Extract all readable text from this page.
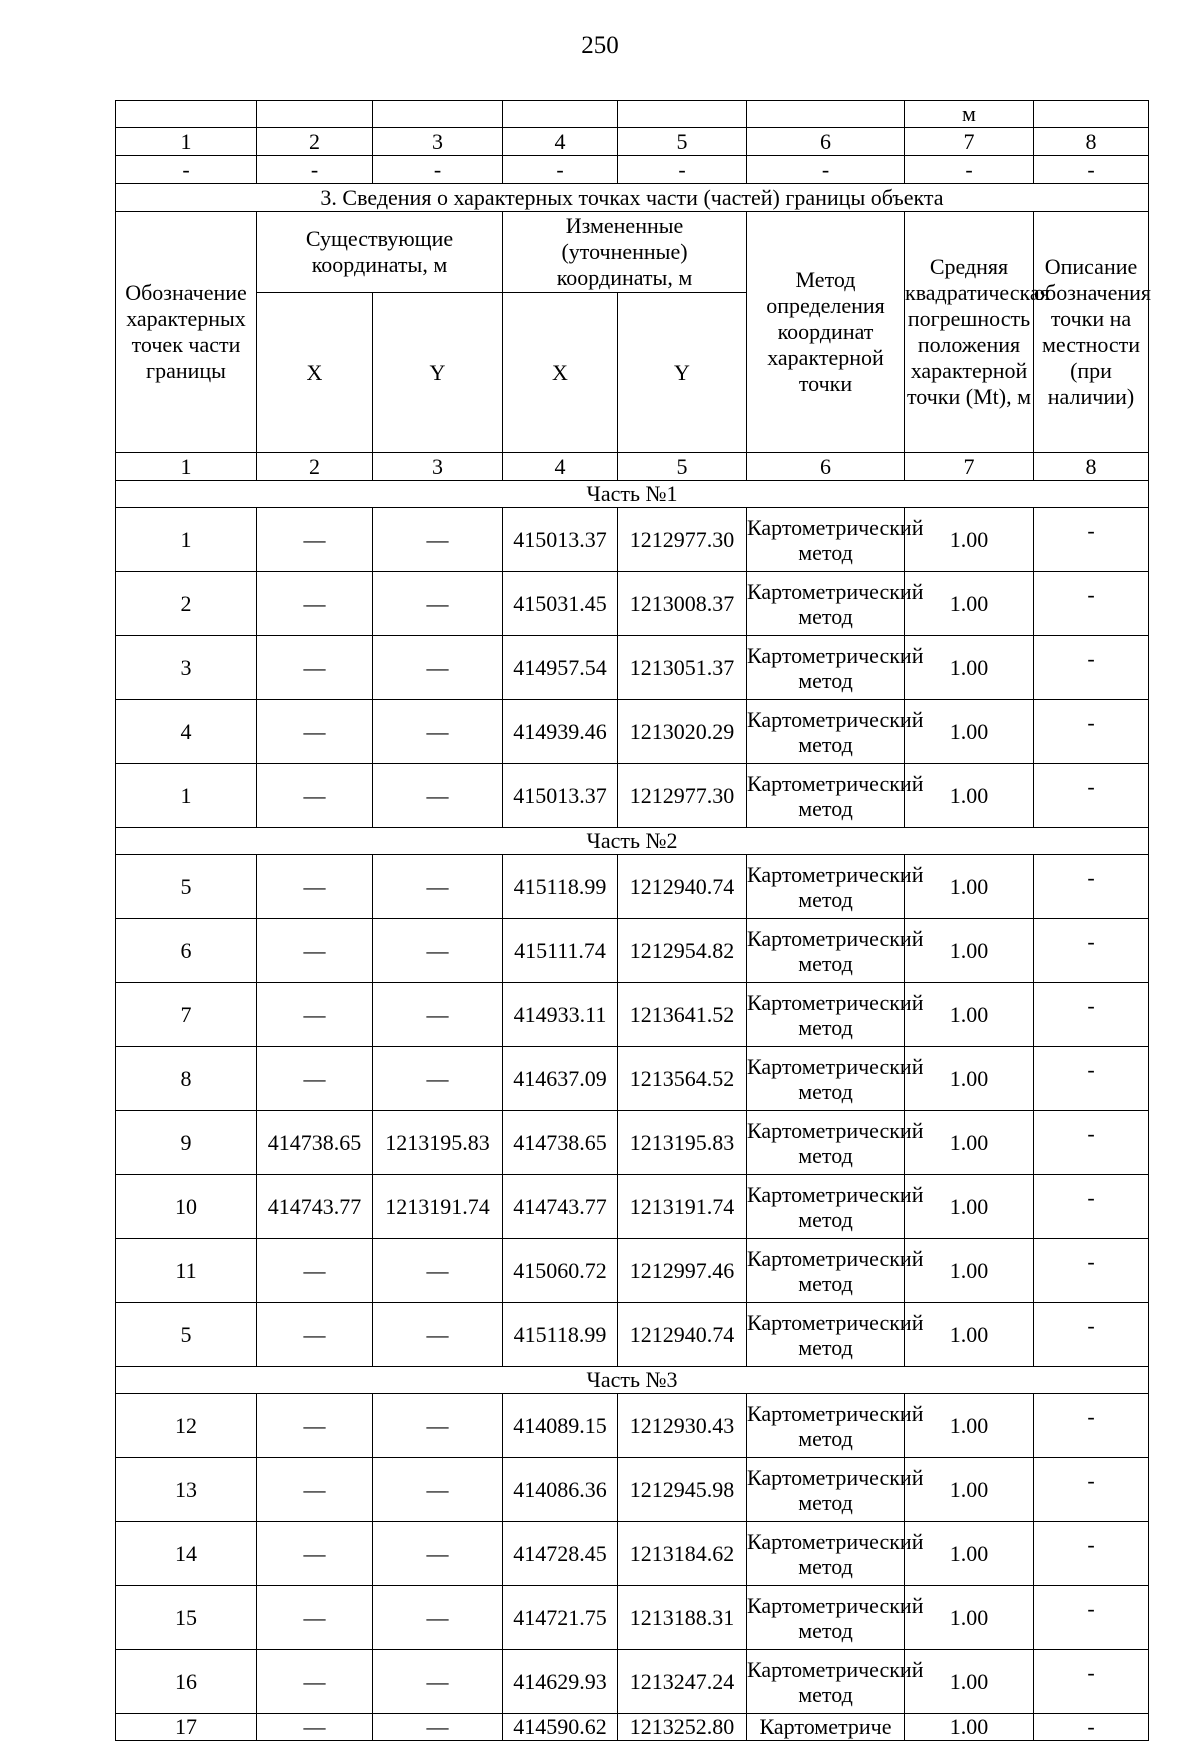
250
						м	
1	2	3	4	5	6	7	8
-	-	-	-	-	-	-	-
3. Сведения о характерных точках части (частей) границы объекта							
Обозначение характерных точек части границы	Существующие координаты, м		Измененные (уточненные) координаты, м		Метод определения координат характерной точки	Средняя квадратическая погрешность положения характерной точки (Mt), м	Описание обозначения точки на местности (при наличии)
	X	Y	X	Y			
1	2	3	4	5	6	7	8
Часть №1							
1	—	—	415013.37	1212977.30	Картометрический метод	1.00	-
2	—	—	415031.45	1213008.37	Картометрический метод	1.00	-
3	—	—	414957.54	1213051.37	Картометрический метод	1.00	-
4	—	—	414939.46	1213020.29	Картометрический метод	1.00	-
1	—	—	415013.37	1212977.30	Картометрический метод	1.00	-
Часть №2							
5	—	—	415118.99	1212940.74	Картометрический метод	1.00	-
6	—	—	415111.74	1212954.82	Картометрический метод	1.00	-
7	—	—	414933.11	1213641.52	Картометрический метод	1.00	-
8	—	—	414637.09	1213564.52	Картометрический метод	1.00	-
9	414738.65	1213195.83	414738.65	1213195.83	Картометрический метод	1.00	-
10	414743.77	1213191.74	414743.77	1213191.74	Картометрический метод	1.00	-
11	—	—	415060.72	1212997.46	Картометрический метод	1.00	-
5	—	—	415118.99	1212940.74	Картометрический метод	1.00	-
Часть №3							
12	—	—	414089.15	1212930.43	Картометрический метод	1.00	-
13	—	—	414086.36	1212945.98	Картометрический метод	1.00	-
14	—	—	414728.45	1213184.62	Картометрический метод	1.00	-
15	—	—	414721.75	1213188.31	Картометрический метод	1.00	-
16	—	—	414629.93	1213247.24	Картометрический метод	1.00	-
17	—	—	414590.62	1213252.80	Картометриче	1.00	-
